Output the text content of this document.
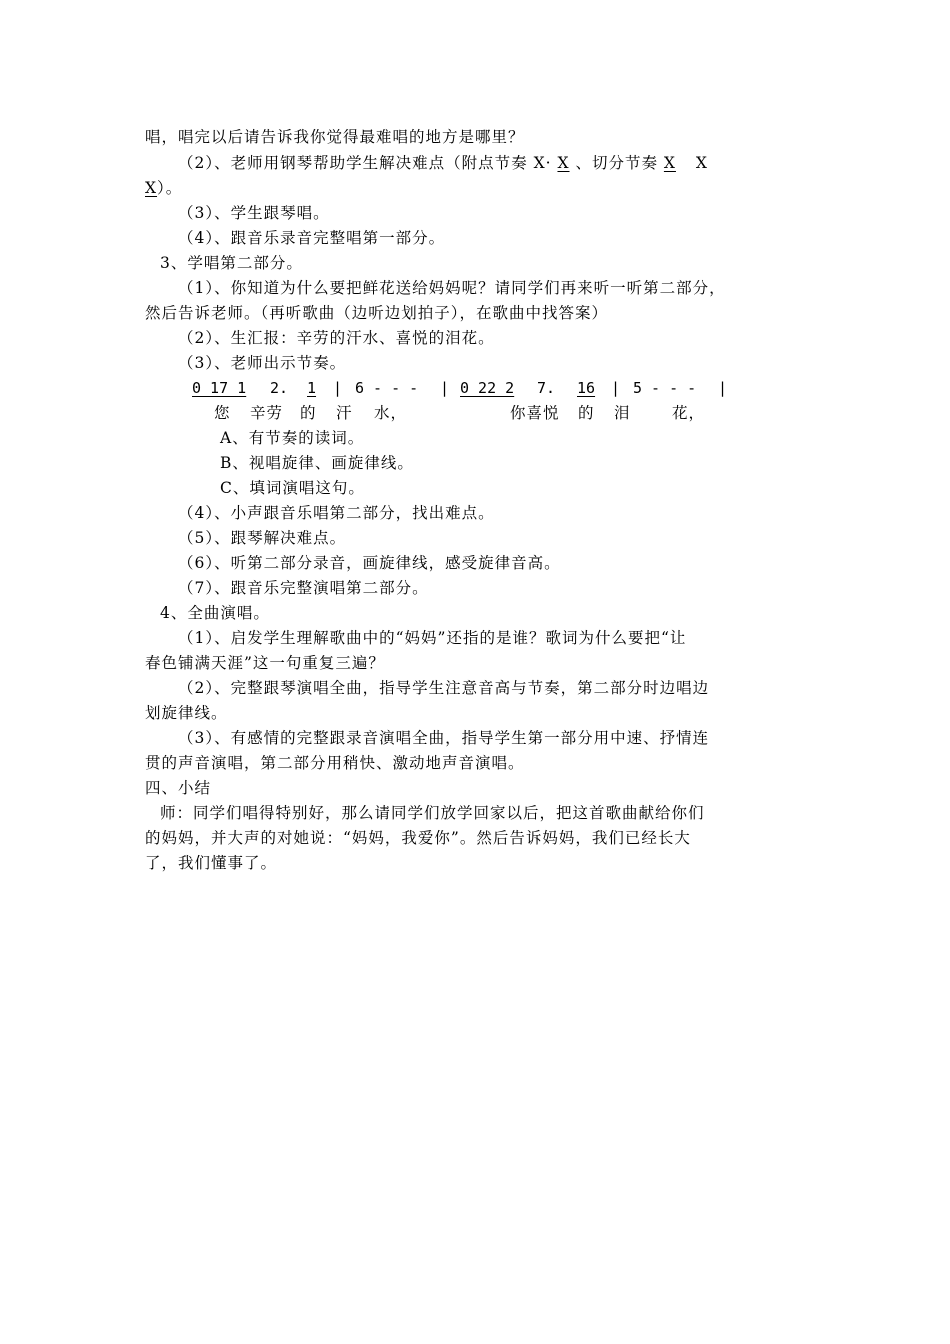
唱，唱完以后请告诉我你觉得最难唱的地方是哪里？
（2）、老师用钢琴帮助学生解决难点（附点节奏 X· X 、切分节奏 X X
X）。
（3）、学生跟琴唱。
（4）、跟音乐录音完整唱第一部分。
3、学唱第二部分。
（1）、你知道为什么要把鲜花送给妈妈呢？请同学们再来听一听第二部分，
然后告诉老师。（再听歌曲（边听边划拍子），在歌曲中找答案）
（2）、生汇报：辛劳的汗水、喜悦的泪花。
（3）、老师出示节奏。
0 17 1 2. 1 | 6 - - - | 0 22 2 7. 16 | 5 - - - |
您 辛劳 的 汗 水，	你喜悦 的 泪	花，
A、有节奏的读词。
B、视唱旋律、画旋律线。
C、填词演唱这句。
（4）、小声跟音乐唱第二部分，找出难点。
（5）、跟琴解决难点。
（6）、听第二部分录音，画旋律线，感受旋律音高。
（7）、跟音乐完整演唱第二部分。
4、全曲演唱。
（1）、启发学生理解歌曲中的“妈妈”还指的是谁？歌词为什么要把“让
春色铺满天涯”这一句重复三遍？
（2）、完整跟琴演唱全曲，指导学生注意音高与节奏，第二部分时边唱边
划旋律线。
（3）、有感情的完整跟录音演唱全曲，指导学生第一部分用中速、抒情连
贯的声音演唱，第二部分用稍快、激动地声音演唱。
四、小结
师：同学们唱得特别好，那么请同学们放学回家以后，把这首歌曲献给你们
的妈妈，并大声的对她说：“妈妈，我爱你”。然后告诉妈妈，我们已经长大
了，我们懂事了。
